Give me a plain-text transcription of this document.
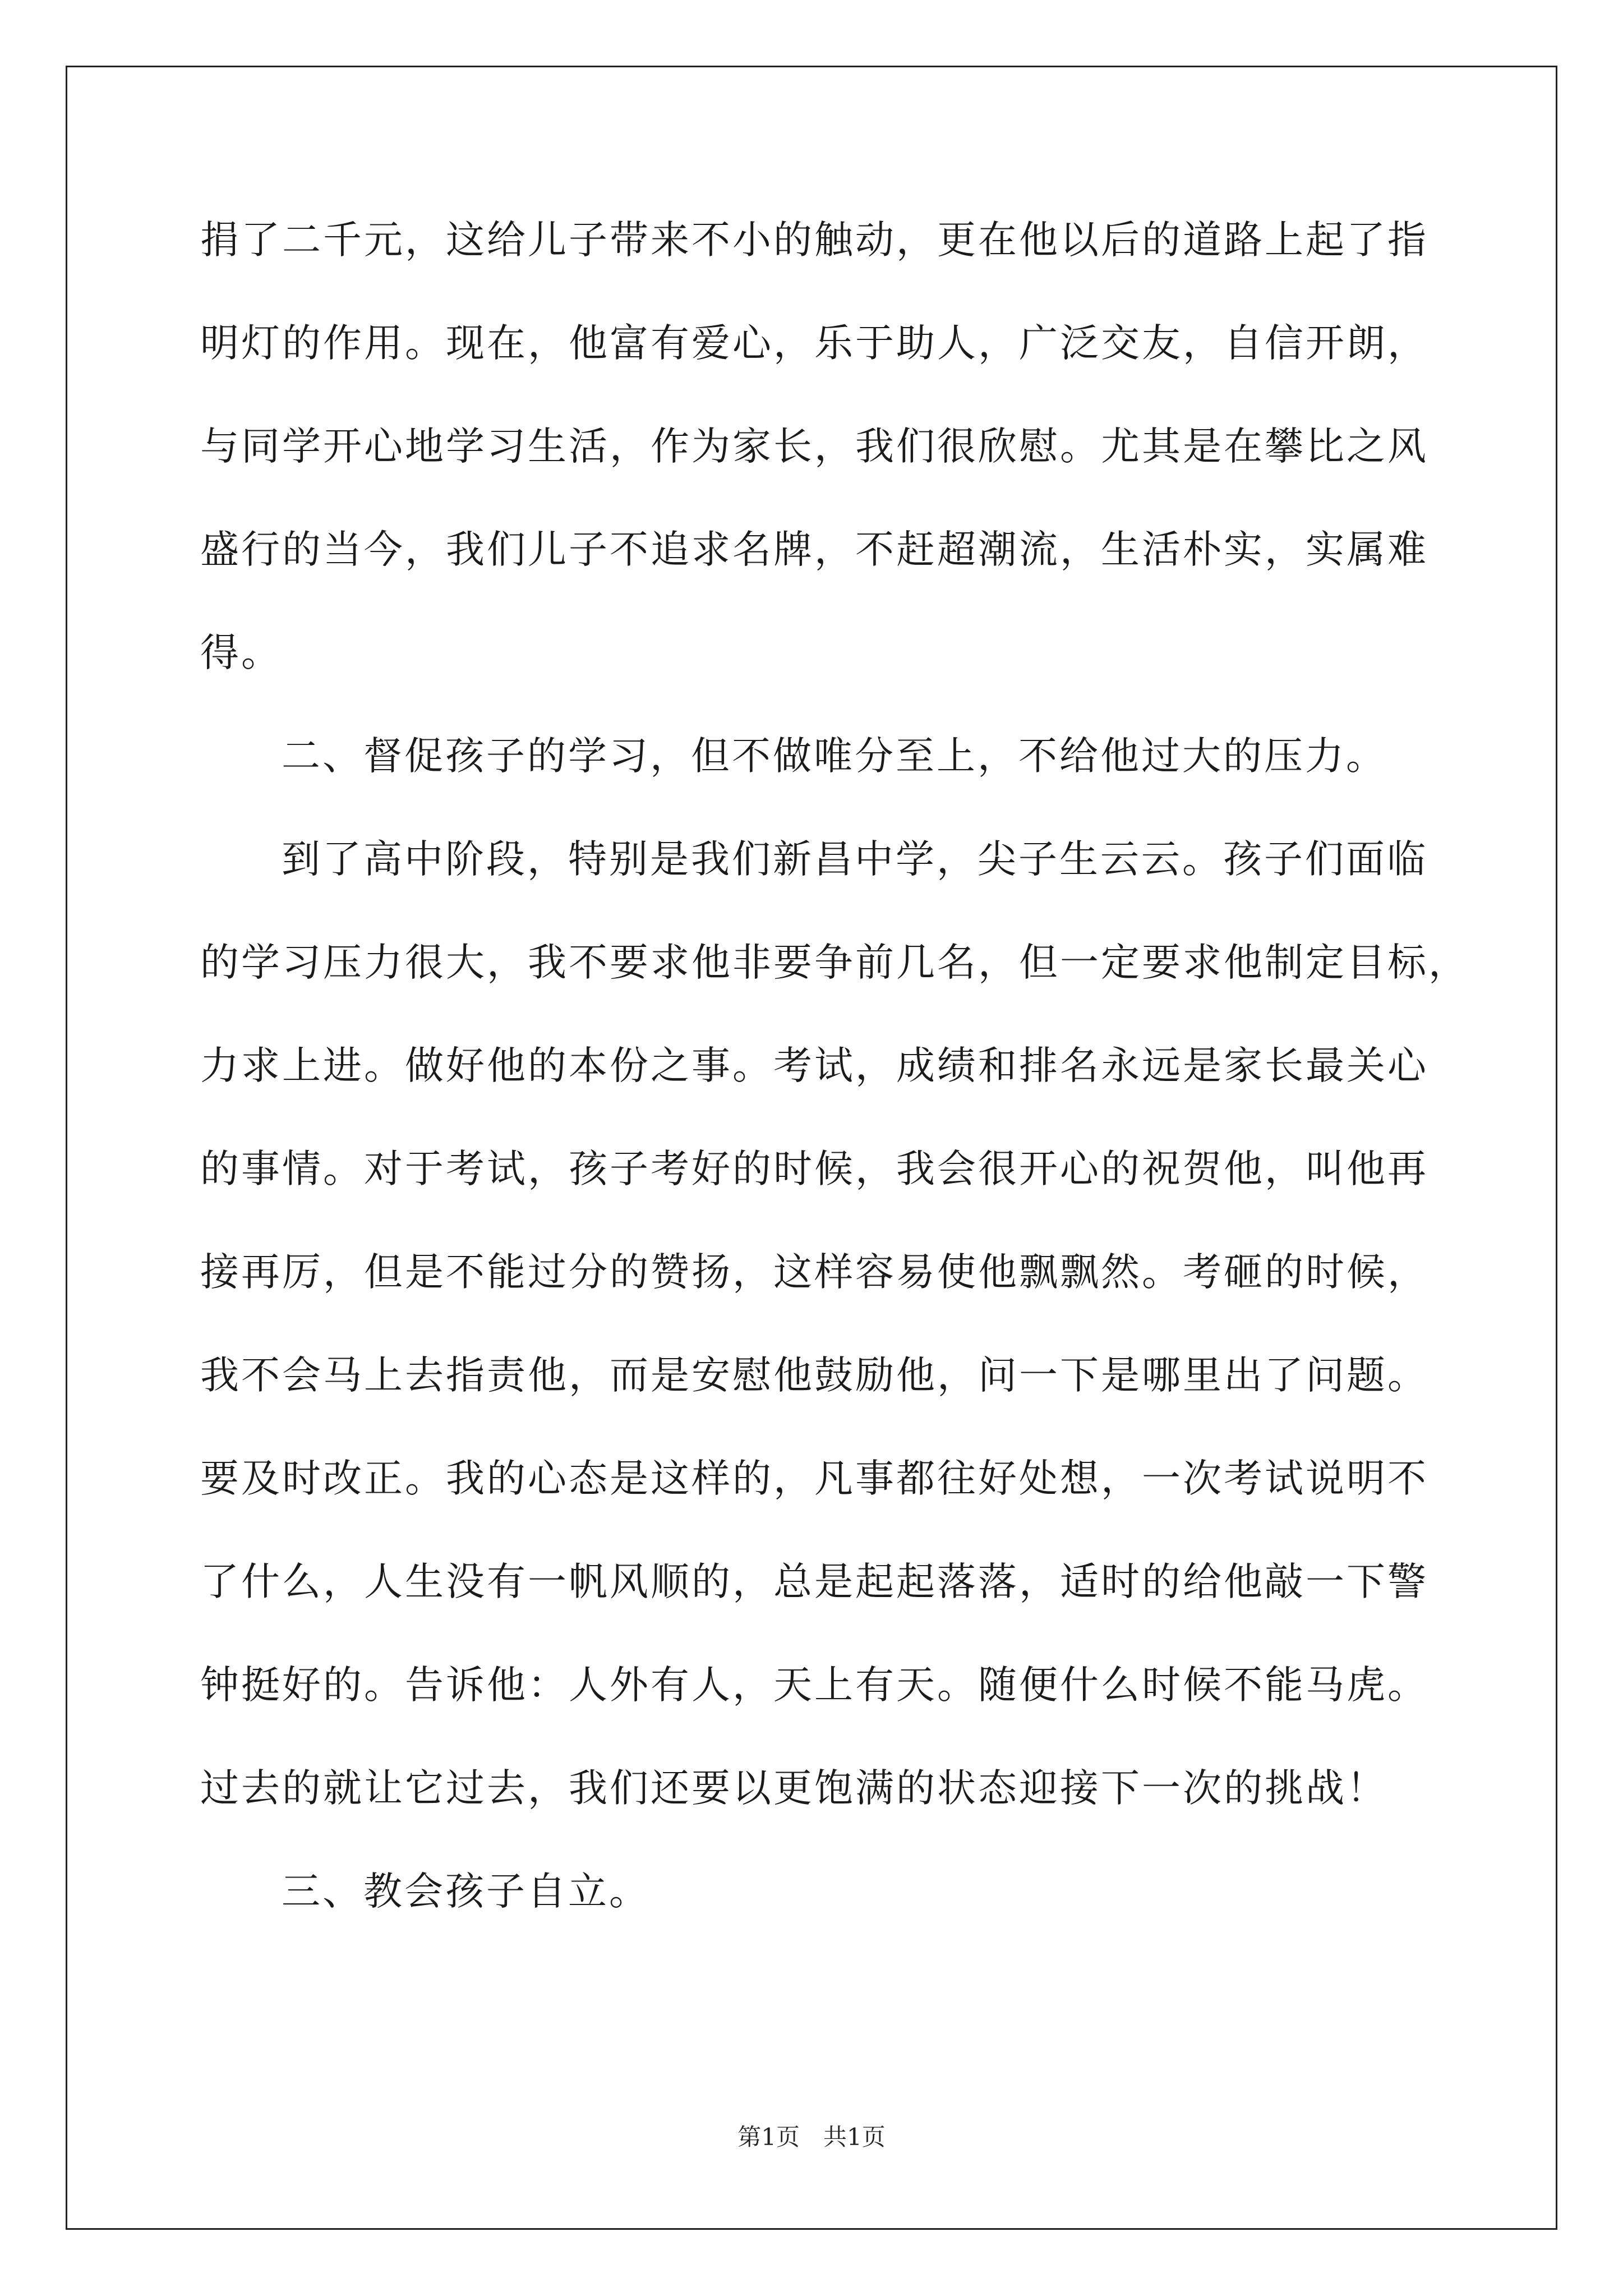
捐了二千元，这给儿子带来不小的触动，更在他以后的道路上起了指
明灯的作用。现在，他富有爱心，乐于助人，广泛交友，自信开朗，
与同学开心地学习生活，作为家长，我们很欣慰。尤其是在攀比之风
盛行的当今，我们儿子不追求名牌，不赶超潮流，生活朴实，实属难
得。
二、督促孩子的学习，但不做唯分至上，不给他过大的压力。
到了高中阶段，特别是我们新昌中学，尖子生云云。孩子们面临
的学习压力很大，我不要求他非要争前几名，但一定要求他制定目标，
力求上进。做好他的本份之事。考试，成绩和排名永远是家长最关心
的事情。对于考试，孩子考好的时候，我会很开心的祝贺他，叫他再
接再厉，但是不能过分的赞扬，这样容易使他飘飘然。考砸的时候，
我不会马上去指责他，而是安慰他鼓励他，问一下是哪里出了问题。
要及时改正。我的心态是这样的，凡事都往好处想，一次考试说明不
了什么，人生没有一帆风顺的，总是起起落落，适时的给他敲一下警
钟挺好的。告诉他：人外有人，天上有天。随便什么时候不能马虎。
过去的就让它过去，我们还要以更饱满的状态迎接下一次的挑战！
三、教会孩子自立。
第1页　共1页
